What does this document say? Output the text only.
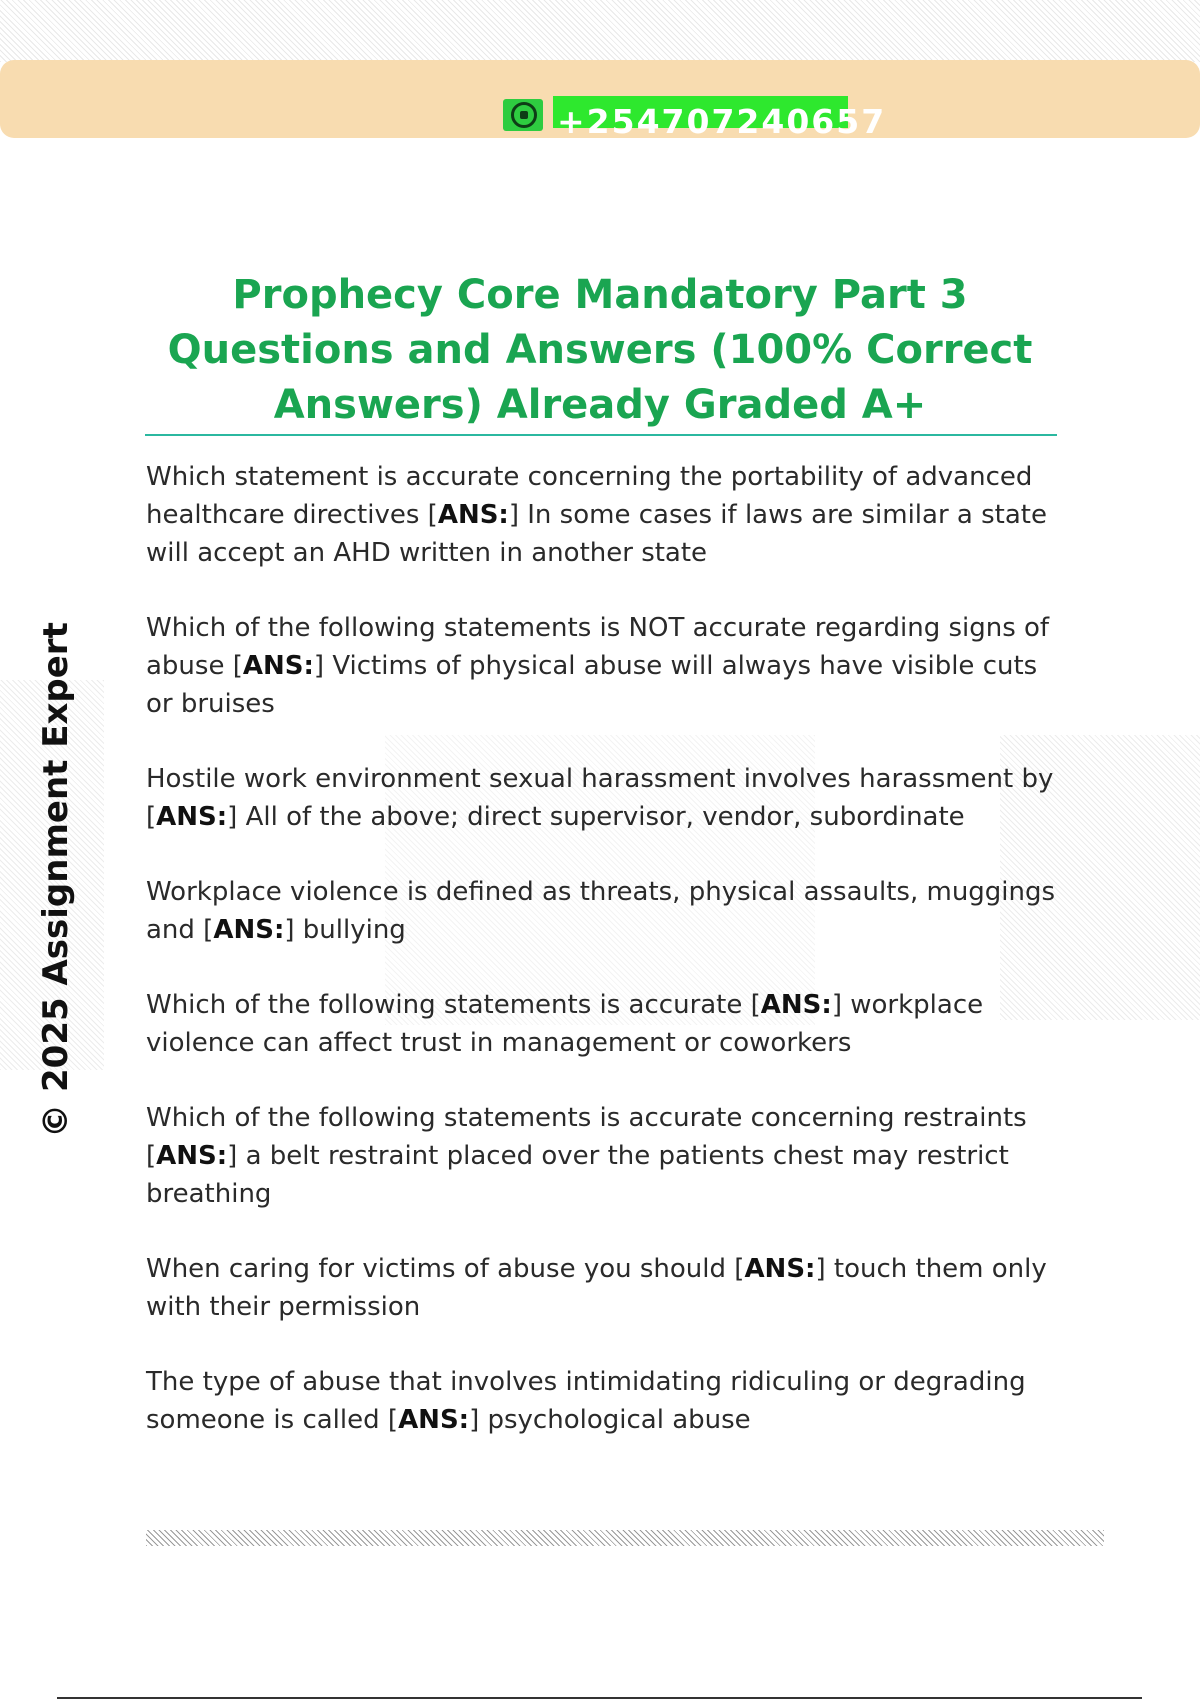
+254707240657
© 2025 Assignment Expert
Prophecy Core Mandatory Part 3 Questions and Answers (100% Correct Answers) Already Graded A+

Which statement is accurate concerning the portability of advanced healthcare directives [ANS:] In some cases if laws are similar a state will accept an AHD written in another state

Which of the following statements is NOT accurate regarding signs of abuse [ANS:] Victims of physical abuse will always have visible cuts or bruises

Hostile work environment sexual harassment involves harassment by [ANS:] All of the above; direct supervisor, vendor, subordinate

Workplace violence is defined as threats, physical assaults, muggings and [ANS:] bullying

Which of the following statements is accurate [ANS:] workplace violence can affect trust in management or coworkers

Which of the following statements is accurate concerning restraints [ANS:] a belt restraint placed over the patients chest may restrict breathing

When caring for victims of abuse you should [ANS:] touch them only with their permission

The type of abuse that involves intimidating ridiculing or degrading someone is called [ANS:] psychological abuse
